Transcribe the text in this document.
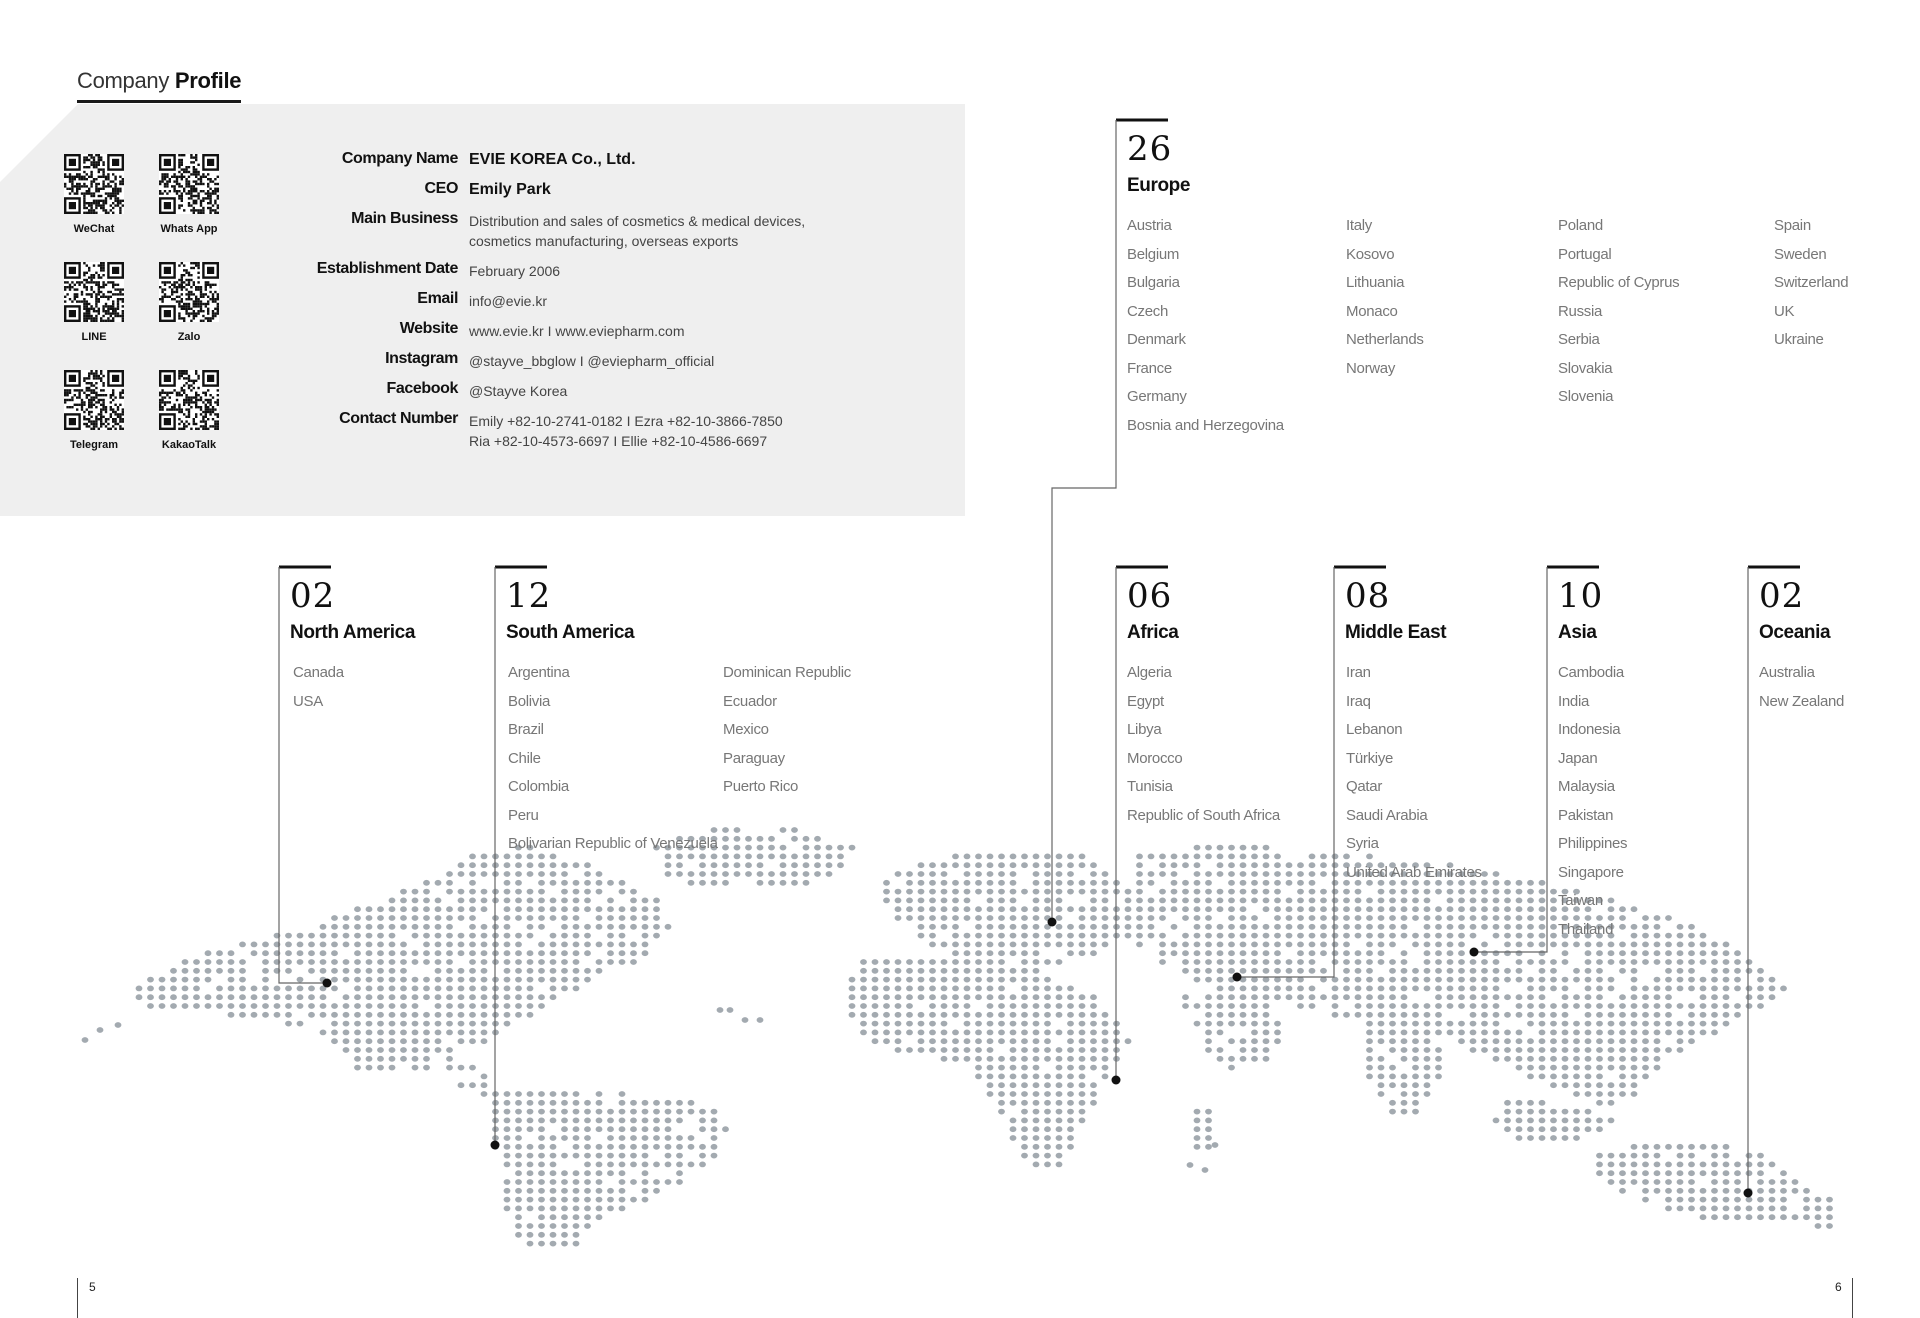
Company Profile
WeChat	Whats App
LINE	Zalo
Telegram	KakaoTalk
Company Name EVIE KOREA Co., Ltd.
CEO Emily Park
Main Business Distribution and sales of cosmetics & medical devices,
cosmetics manufacturing, overseas exports
Establishment Date February 2006
Email info@evie.kr
Website www.evie.kr I www.eviepharm.com
Instagram @stayve_bbglow I @eviepharm_official
Facebook @Stayve Korea
Contact Number Emily +82-10-2741-0182 I Ezra +82-10-3866-7850
Ria +82-10-4573-6697 I Ellie +82-10-4586-6697
26
Europe
Austria
Belgium
Bulgaria
Czech
Denmark
France
Germany
Bosnia and Herzegovina
Italy
Kosovo
Lithuania
Monaco
Netherlands
Norway
Poland
Portugal
Republic of Cyprus
Russia
Serbia
Slovakia
Slovenia
Spain
Sweden
Switzerland
UK
Ukraine
02
North America
Canada
USA
12
South America
Argentina
Bolivia
Brazil
Chile
Colombia
Peru
Bolivarian Republic of Venezuela
Dominican Republic
Ecuador
Mexico
Paraguay
Puerto Rico
06
Africa
Algeria
Egypt
Libya
Morocco
Tunisia
Republic of South Africa
08
Middle East
Iran
Iraq
Lebanon
Türkiye
Qatar
Saudi Arabia
Syria
United Arab Emirates
10
Asia
Cambodia
India
Indonesia
Japan
Malaysia
Pakistan
Philippines
Singapore
Taiwan
Thailand
02
Oceania
Australia
New Zealand
5	6
